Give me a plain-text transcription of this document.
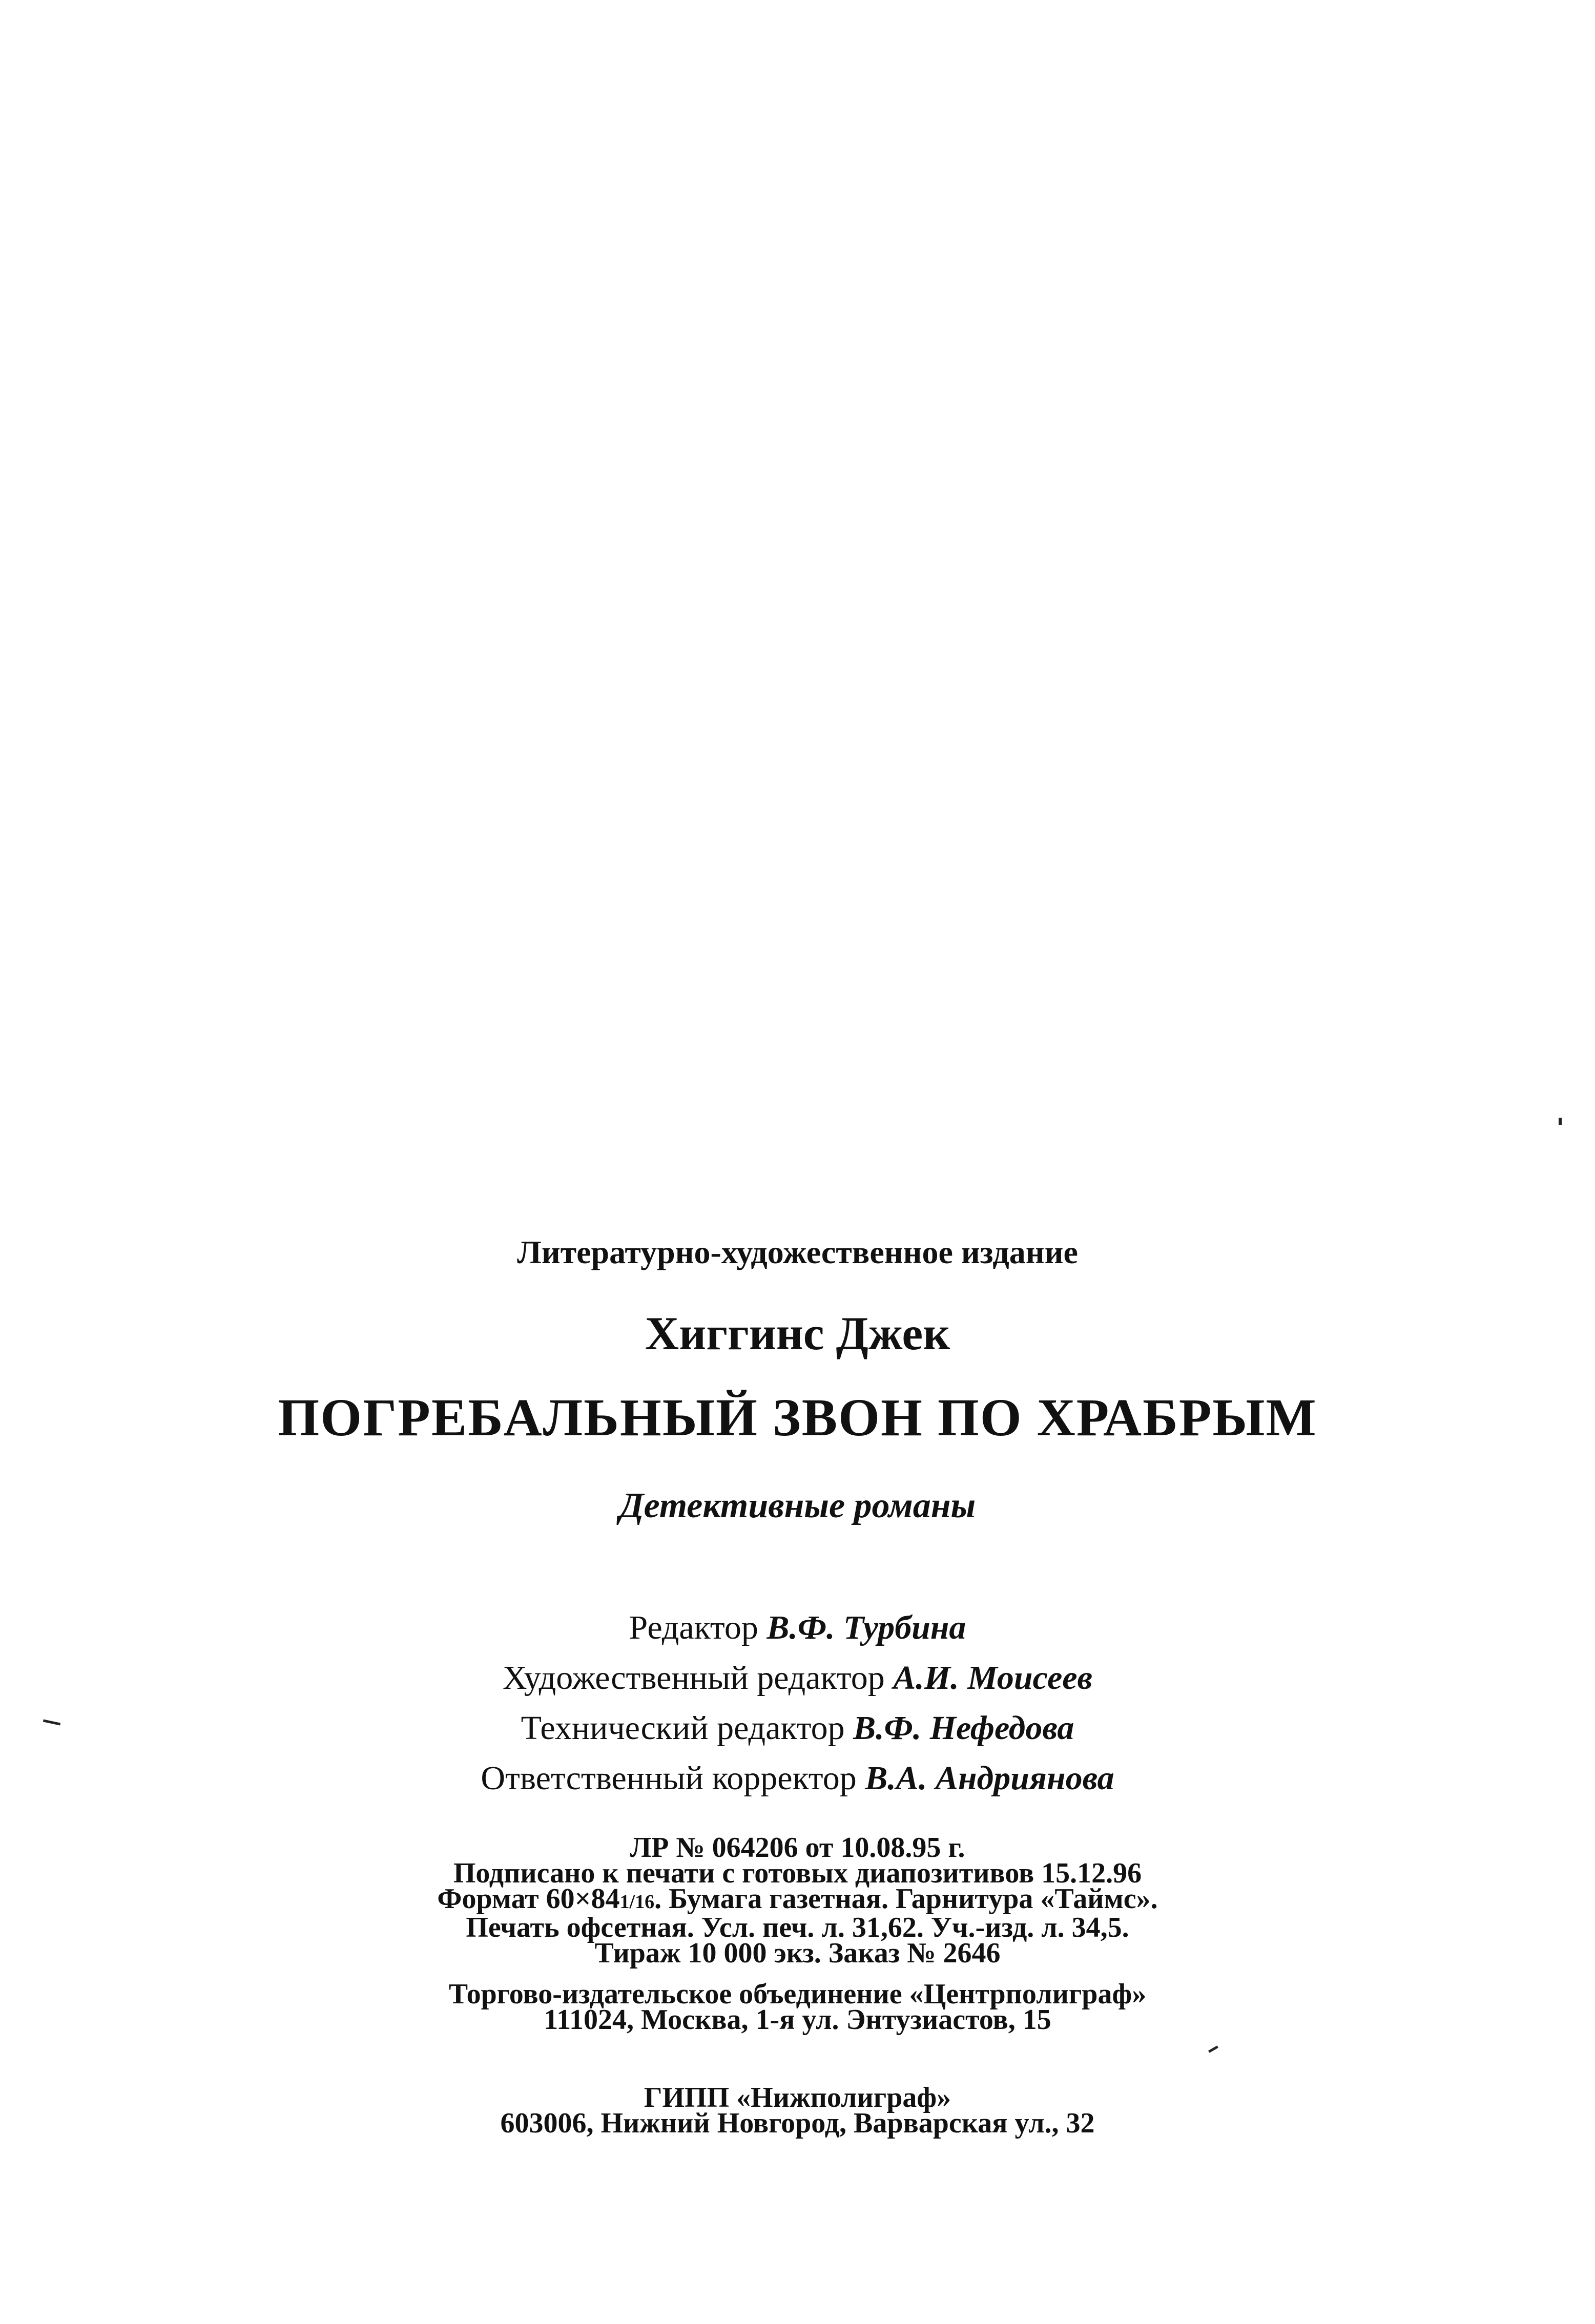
Литературно-художественное издание
Хиггинс Джек
ПОГРЕБАЛЬНЫЙ ЗВОН ПО ХРАБРЫМ
Детективные романы
Редактор В.Ф. Турбина
Художественный редактор А.И. Моисеев
Технический редактор В.Ф. Нефедова
Ответственный корректор В.А. Андриянова
ЛР № 064206 от 10.08.95 г.
Подписано к печати с готовых диапозитивов 15.12.96
Формат 60×841/16. Бумага газетная. Гарнитура «Таймс».
Печать офсетная. Усл. печ. л. 31,62. Уч.-изд. л. 34,5.
Тираж 10 000 экз. Заказ № 2646
Торгово-издательское объединение «Центрполиграф»
111024, Москва, 1-я ул. Энтузиастов, 15
ГИПП «Нижполиграф»
603006, Нижний Новгород, Варварская ул., 32
